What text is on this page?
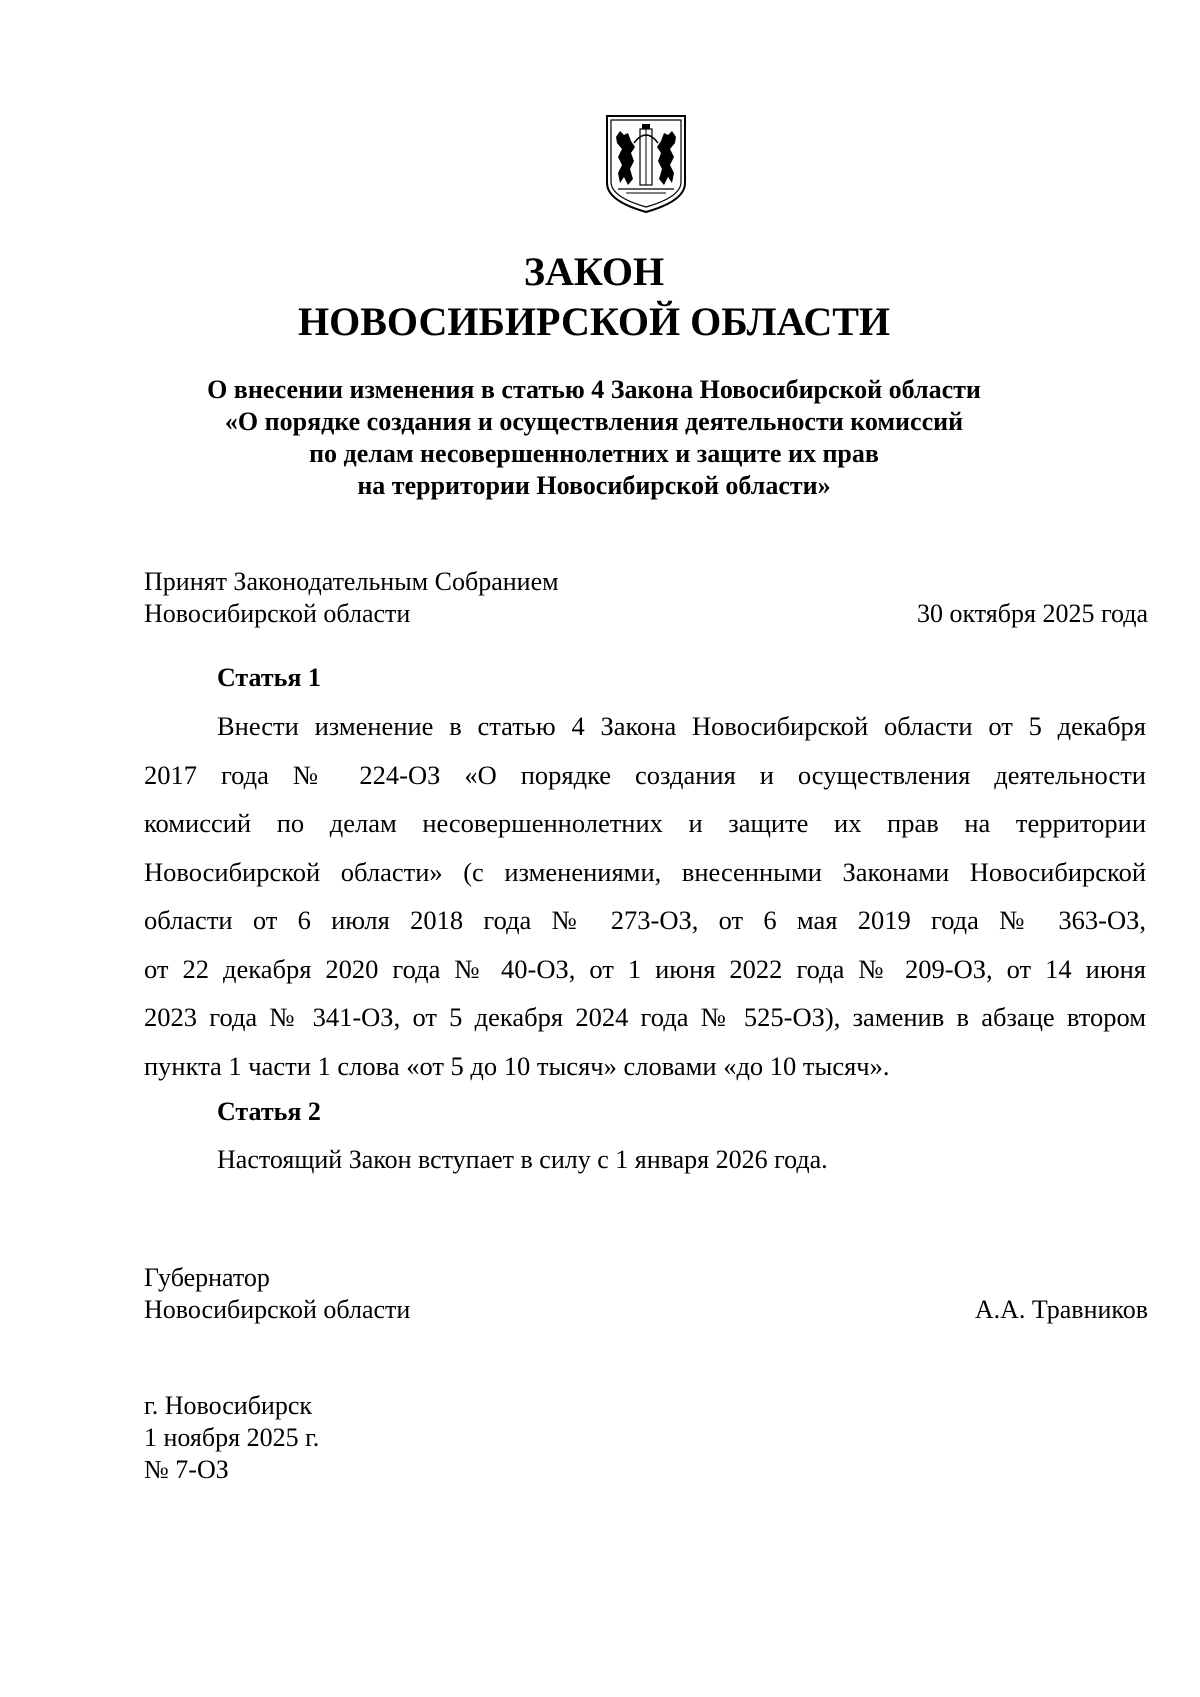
ЗАКОН
НОВОСИБИРСКОЙ ОБЛАСТИ
О внесении изменения в статью 4 Закона Новосибирской области
«О порядке создания и осуществления деятельности комиссий
по делам несовершеннолетних и защите их прав
на территории Новосибирской области»
Принят Законодательным Собранием
Новосибирской области	30 октября 2025 года
Статья 1
Внести изменение в статью 4 Закона Новосибирской области от 5 декабря
2017 года № 224-ОЗ «О порядке создания и осуществления деятельности
комиссий по делам несовершеннолетних и защите их прав на территории
Новосибирской области» (с изменениями, внесенными Законами Новосибирской
области от 6 июля 2018 года № 273-ОЗ, от 6 мая 2019 года № 363-ОЗ,
от 22 декабря 2020 года № 40-ОЗ, от 1 июня 2022 года № 209-ОЗ, от 14 июня
2023 года № 341-ОЗ, от 5 декабря 2024 года № 525-ОЗ), заменив в абзаце втором
пункта 1 части 1 слова «от 5 до 10 тысяч» словами «до 10 тысяч».
Статья 2
Настоящий Закон вступает в силу с 1 января 2026 года.
Губернатор
Новосибирской области	А.А. Травников
г. Новосибирск
1 ноября 2025 г.
№ 7-ОЗ
